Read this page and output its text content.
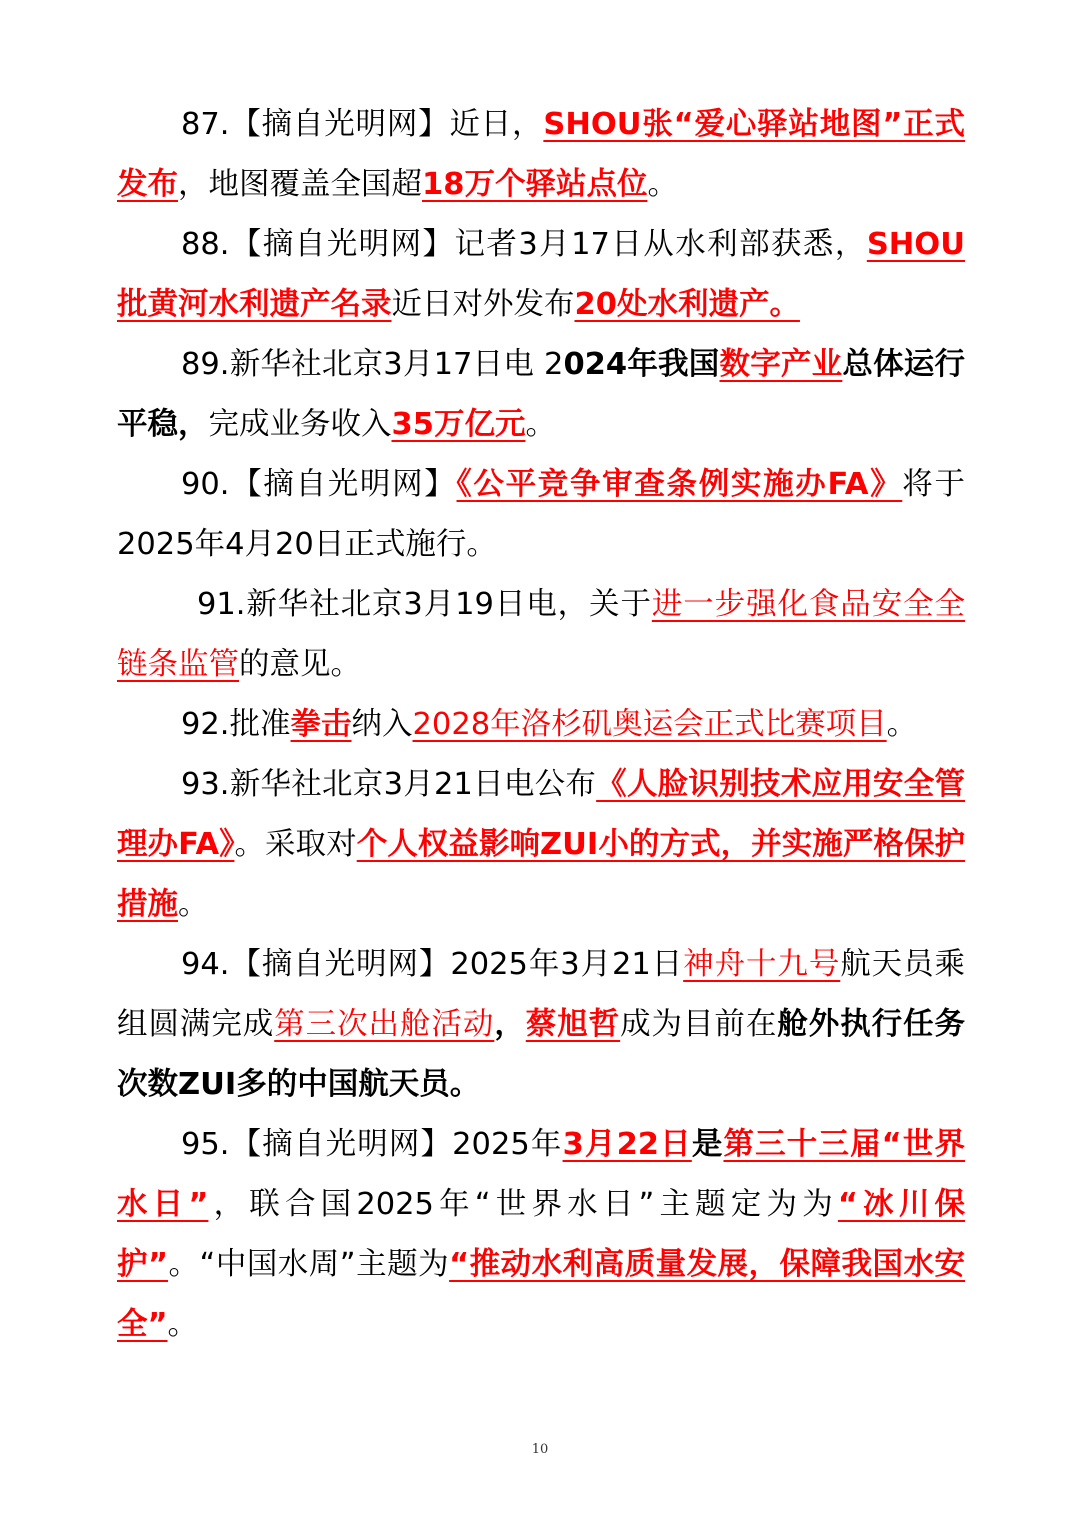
87.【摘自光明网】近日，SHOU张“爱心驿站地图”正式发布，地图覆盖全国超18万个驿站点位。

88.【摘自光明网】记者3月17日从水利部获悉，SHOU批黄河水利遗产名录近日对外发布20处水利遗产。

89.新华社北京3月17日电 2024年我国数字产业总体运行平稳，完成业务收入35万亿元。

90.【摘自光明网】《公平竞争审查条例实施办FA》将于2025年4月20日正式施行。

91.新华社北京3月19日电，关于进一步强化食品安全全链条监管的意见。

92.批准拳击纳入2028年洛杉矶奥运会正式比赛项目。

93.新华社北京3月21日电公布《人脸识别技术应用安全管理办FA》。采取对个人权益影响ZUI小的方式，并实施严格保护措施。

94.【摘自光明网】2025年3月21日神舟十九号航天员乘组圆满完成第三次出舱活动，蔡旭哲成为目前在舱外执行任务次数ZUI多的中国航天员。

95.【摘自光明网】2025年3月22日是第三十三届“世界水日”，联合国2025年“世界水日”主题定为为“冰川保护”。“中国水周”主题为“推动水利高质量发展，保障我国水安全”。

10
